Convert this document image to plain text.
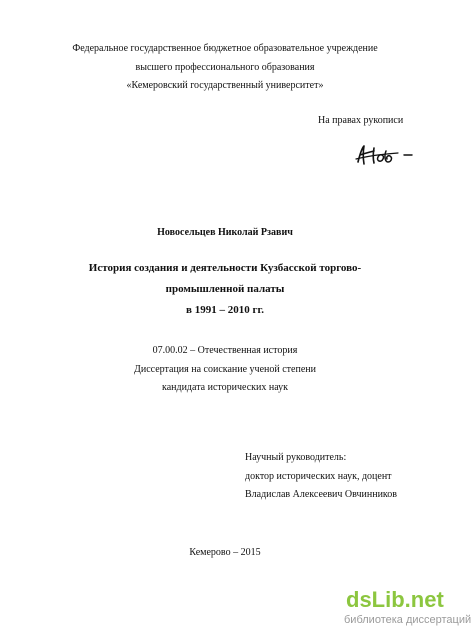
Федеральное государственное бюджетное образовательное учреждение
высшего профессионального образования
«Кемеровский государственный университет»
На правах рукописи
Новосельцев Николай Рзавич
История создания и деятельности Кузбасской торгово-
промышленной палаты
в 1991 – 2010 гг.
07.00.02 – Отечественная история
Диссертация на соискание ученой степени
кандидата исторических наук
Научный руководитель:
доктор исторических наук, доцент
Владислав Алексеевич Овчинников
Кемерово – 2015
dsLib.net
библиотека диссертаций
